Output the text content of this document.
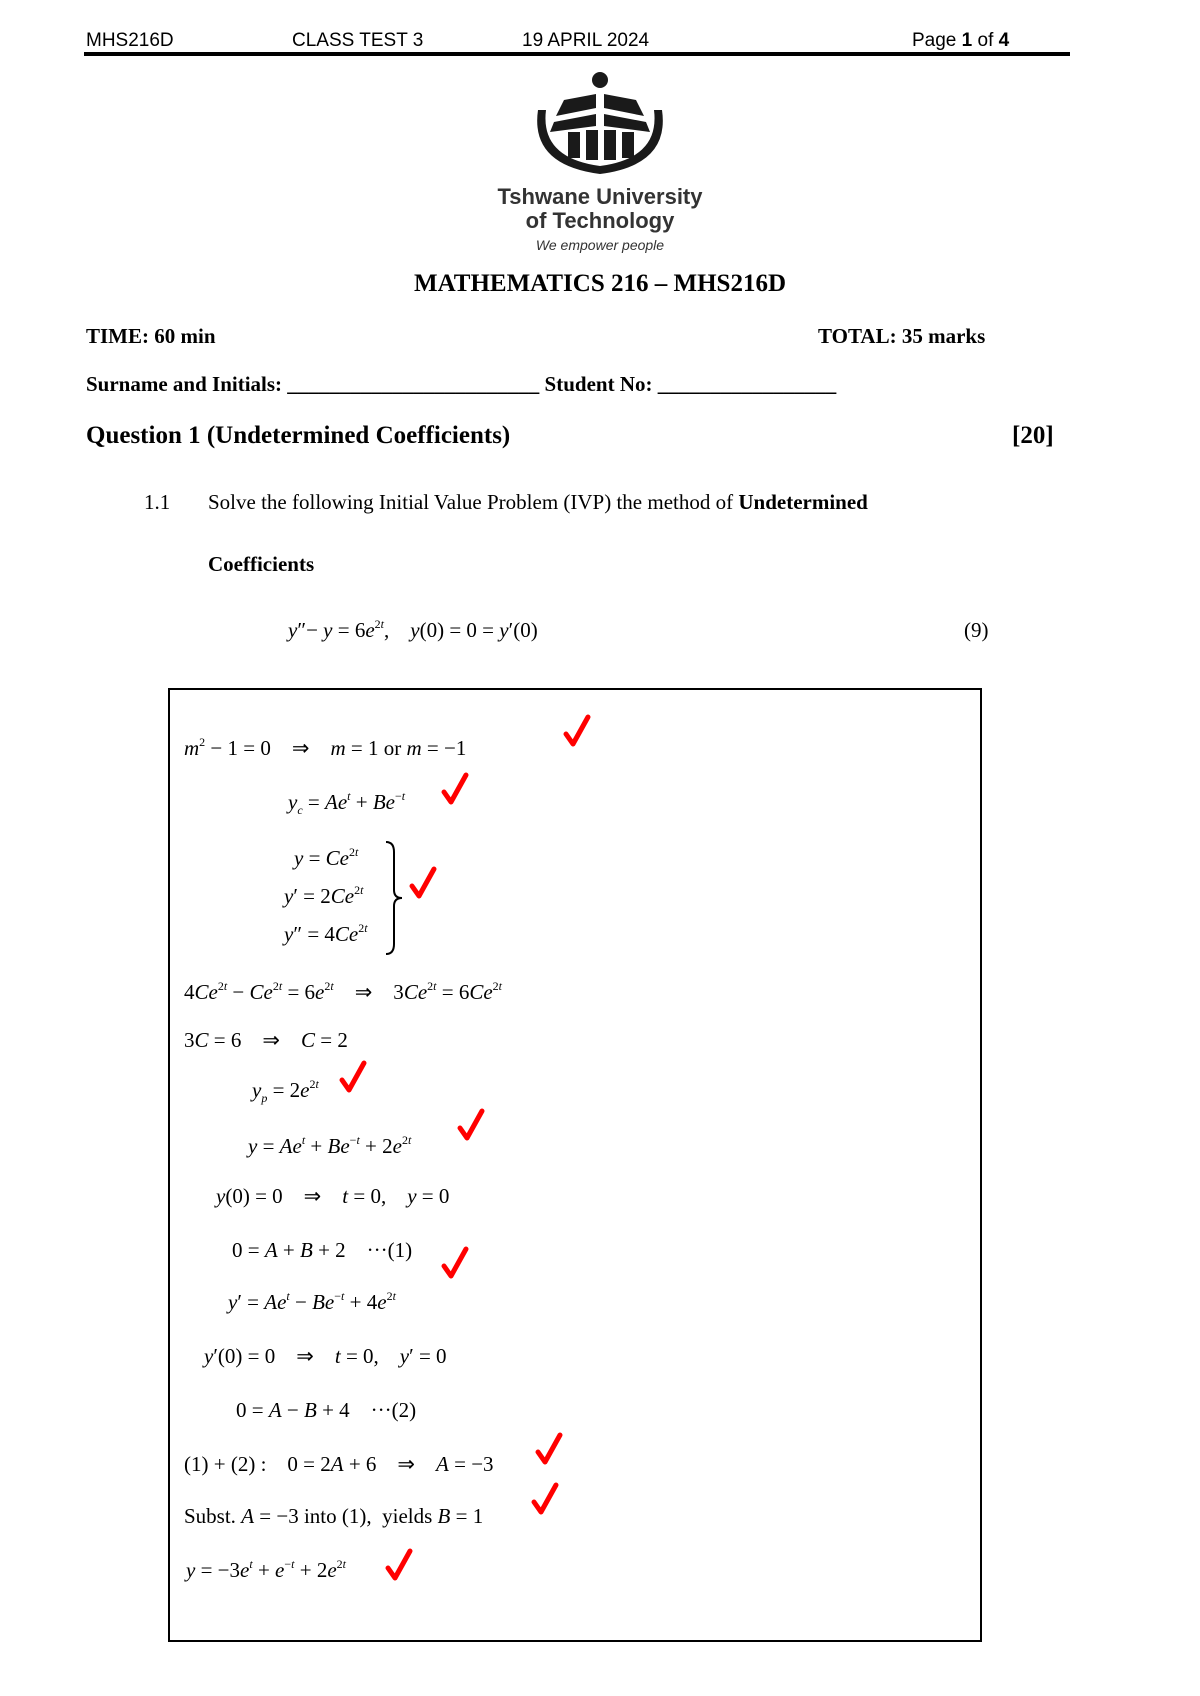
MHS216D	CLASS TEST 3	19 APRIL 2024	Page 1 of 4
Tshwane University
of Technology
We empower people
MATHEMATICS 216 – MHS216D
TIME: 60 min	TOTAL: 35 marks
Surname and Initials: ________________________ Student No: _________________
Question 1 (Undetermined Coefficients)	[20]
1.1 Solve the following Initial Value Problem (IVP) the method of Undetermined
Coefficients
$y''- y = 6e^{2t}$,    y(0) = 0 = y′(0)	(9)
$m^2 - 1 = 0$    ⇒    m = 1 or m = −1
$y_c = Ae^t + Be^{-t}$
$y = Ce^{2t}$
$y' = 2Ce^{2t}$
$y'' = 4Ce^{2t}$
$4Ce^{2t} - Ce^{2t} = 6e^{2t}$    ⇒    $3Ce^{2t} = 6Ce^{2t}$
3C = 6    ⇒    C = 2
$y_p = 2e^{2t}$
$y = Ae^t + Be^{-t} + 2e^{2t}$
y(0) = 0    ⇒    t = 0,    y = 0
0 = A + B + 2    ···(1)
$y' = Ae^t - Be^{-t} + 4e^{2t}$
y′(0) = 0    ⇒    t = 0,    y′ = 0
0 = A − B + 4    ···(2)
(1) + (2) :    0 = 2A + 6    ⇒    A = −3
Subst. A = −3 into (1),  yields B = 1
$y = -3e^t + e^{-t} + 2e^{2t}$
